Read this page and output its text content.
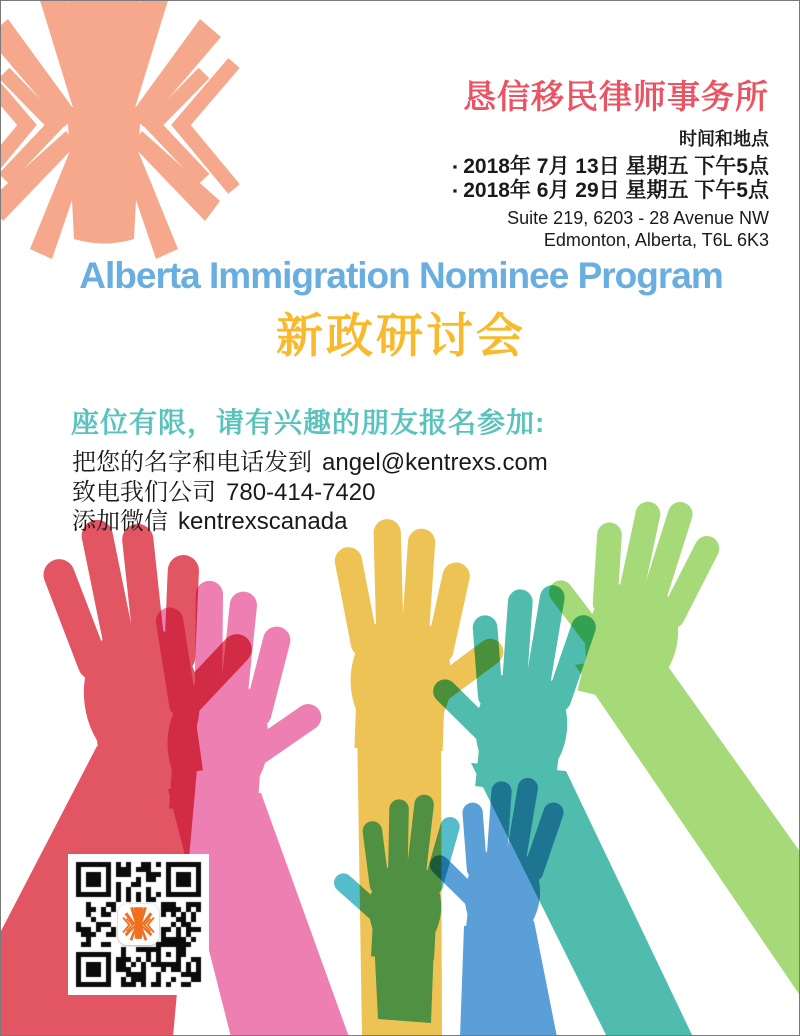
恳信移民律师事务所
时间和地点
▪ 2018年 7月 13日 星期五 下午5点
▪ 2018年 6月 29日 星期五 下午5点
Suite 219, 6203 - 28 Avenue NW
Edmonton, Alberta, T6L 6K3
Alberta Immigration Nominee Program
新政研讨会
座位有限，请有兴趣的朋友报名参加:
把您的名字和电话发到 angel@kentrexs.com
致电我们公司 780-414-7420
添加微信 kentrexscanada
